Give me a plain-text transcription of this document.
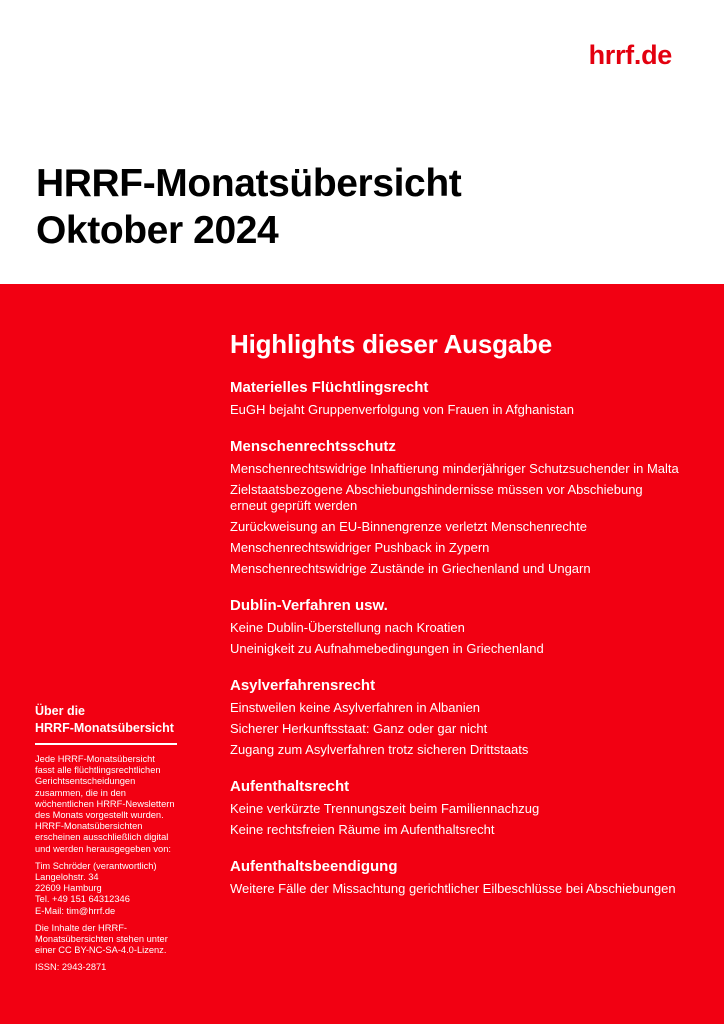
hrrf.de
HRRF-Monatsübersicht
Oktober 2024
Über die
HRRF-Monatsübersicht

Jede HRRF-Monatsübersicht fasst alle flüchtlingsrechtlichen Gerichtsentscheidungen zusammen, die in den wöchentlichen HRRF-Newslettern des Monats vorgestellt wurden. HRRF-Monatsübersichten erscheinen ausschließlich digital und werden herausgegeben von:

Tim Schröder (verantwortlich)
Langelohstr. 34
22609 Hamburg
Tel. +49 151 64312346
E-Mail: tim@hrrf.de

Die Inhalte der HRRF-Monatsübersichten stehen unter einer CC BY-NC-SA-4.0-Lizenz.

ISSN: 2943-2871

Highlights dieser Ausgabe
Materielles Flüchtlingsrecht
EuGH bejaht Gruppenverfolgung von Frauen in Afghanistan
Menschenrechtsschutz
Menschenrechtswidrige Inhaftierung minderjähriger Schutzsuchender in Malta
Zielstaatsbezogene Abschiebungshindernisse müssen vor Abschiebung erneut geprüft werden
Zurückweisung an EU-Binnengrenze verletzt Menschenrechte
Menschenrechtswidriger Pushback in Zypern
Menschenrechtswidrige Zustände in Griechenland und Ungarn
Dublin-Verfahren usw.
Keine Dublin-Überstellung nach Kroatien
Uneinigkeit zu Aufnahmebedingungen in Griechenland
Asylverfahrensrecht
Einstweilen keine Asylverfahren in Albanien
Sicherer Herkunftsstaat: Ganz oder gar nicht
Zugang zum Asylverfahren trotz sicheren Drittstaats
Aufenthaltsrecht
Keine verkürzte Trennungszeit beim Familiennachzug
Keine rechtsfreien Räume im Aufenthaltsrecht
Aufenthaltsbeendigung
Weitere Fälle der Missachtung gerichtlicher Eilbeschlüsse bei Abschiebungen
